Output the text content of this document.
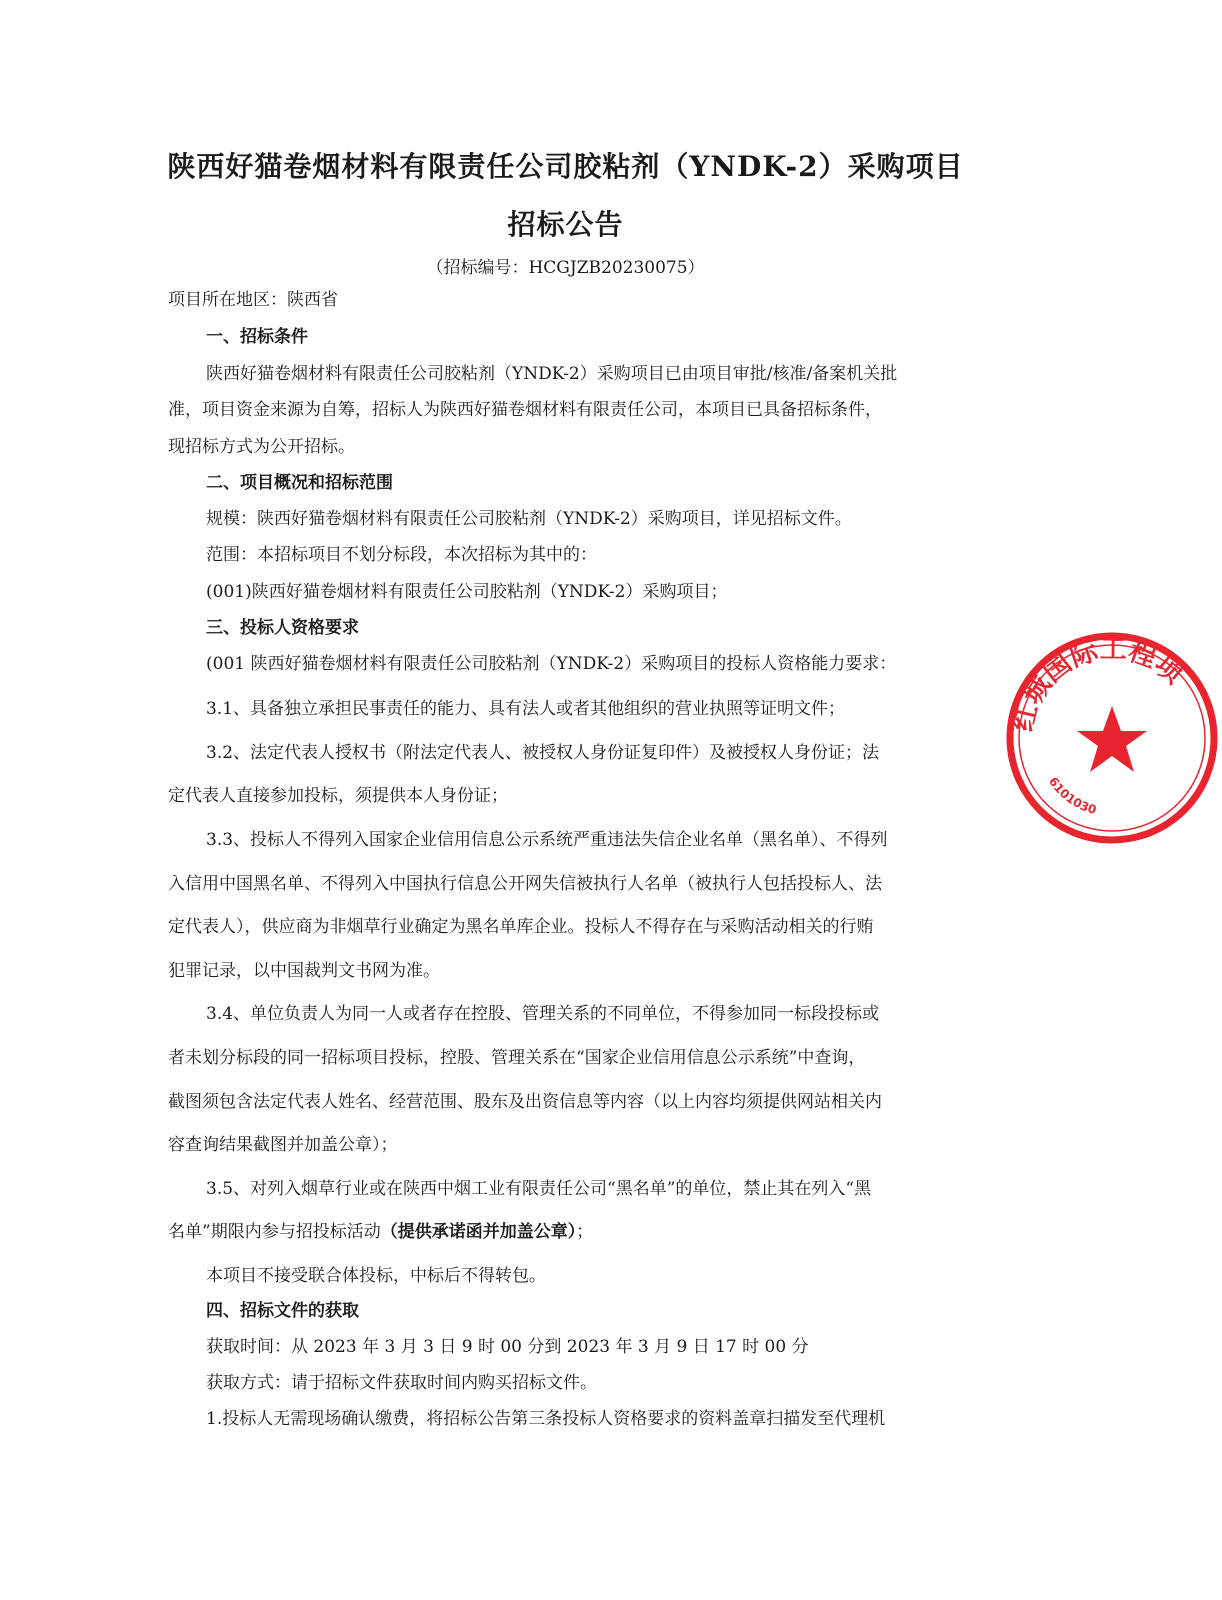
陕西好猫卷烟材料有限责任公司胶粘剂（YNDK-2）采购项目
招标公告
（招标编号：HCGJZB20230075）
项目所在地区：陕西省
一、招标条件
陕西好猫卷烟材料有限责任公司胶粘剂（YNDK-2）采购项目已由项目审批/核准/备案机关批
准，项目资金来源为自筹，招标人为陕西好猫卷烟材料有限责任公司，本项目已具备招标条件，
现招标方式为公开招标。
二、项目概况和招标范围
规模：陕西好猫卷烟材料有限责任公司胶粘剂（YNDK-2）采购项目，详见招标文件。
范围：本招标项目不划分标段，本次招标为其中的：
(001)陕西好猫卷烟材料有限责任公司胶粘剂（YNDK-2）采购项目；
三、投标人资格要求
(001 陕西好猫卷烟材料有限责任公司胶粘剂（YNDK-2）采购项目的投标人资格能力要求：
3.1、具备独立承担民事责任的能力、具有法人或者其他组织的营业执照等证明文件；
3.2、法定代表人授权书（附法定代表人、被授权人身份证复印件）及被授权人身份证；法
定代表人直接参加投标，须提供本人身份证；
3.3、投标人不得列入国家企业信用信息公示系统严重违法失信企业名单（黑名单）、不得列
入信用中国黑名单、不得列入中国执行信息公开网失信被执行人名单（被执行人包括投标人、法
定代表人），供应商为非烟草行业确定为黑名单库企业。投标人不得存在与采购活动相关的行贿
犯罪记录，以中国裁判文书网为准。
3.4、单位负责人为同一人或者存在控股、管理关系的不同单位，不得参加同一标段投标或
者未划分标段的同一招标项目投标，控股、管理关系在“国家企业信用信息公示系统”中查询，
截图须包含法定代表人姓名、经营范围、股东及出资信息等内容（以上内容均须提供网站相关内
容查询结果截图并加盖公章）；
3.5、对列入烟草行业或在陕西中烟工业有限责任公司“黑名单”的单位，禁止其在列入“黑
名单”期限内参与招投标活动（提供承诺函并加盖公章）；
本项目不接受联合体投标，中标后不得转包。
四、招标文件的获取
获取时间：从 2023 年 3 月 3 日 9 时 00 分到 2023 年 3 月 9 日 17 时 00 分
获取方式：请于招标文件获取时间内购买招标文件。
1.投标人无需现场确认缴费，将招标公告第三条投标人资格要求的资料盖章扫描发至代理机
红城国际工程项
6101030
